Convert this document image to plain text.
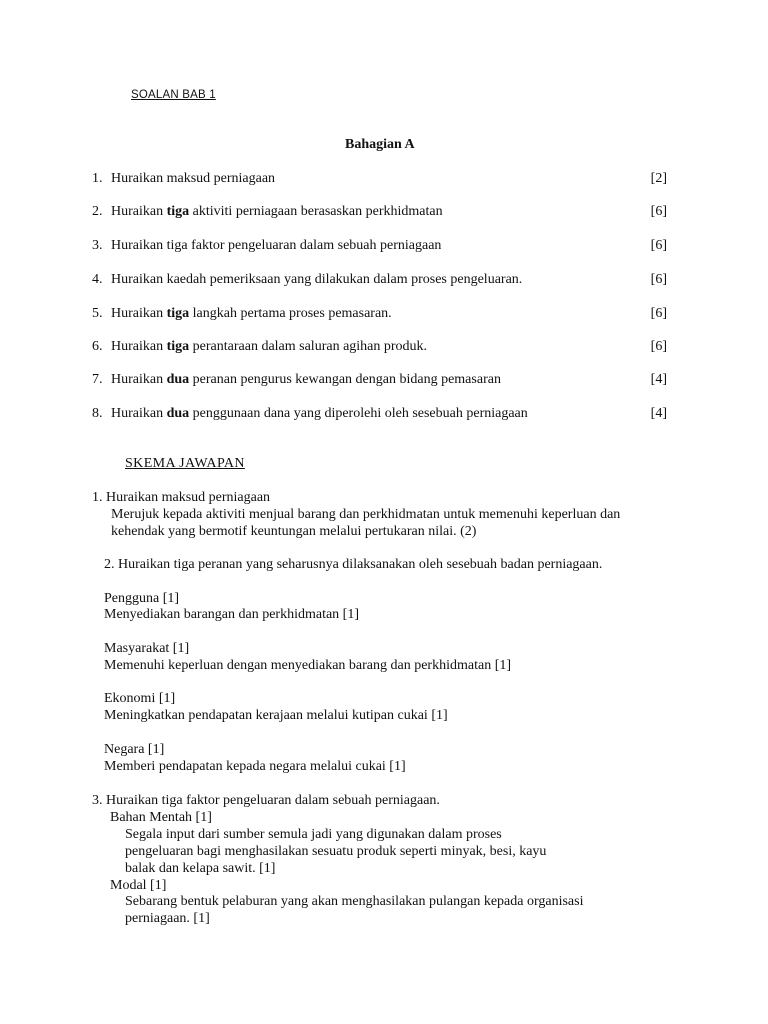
SOALAN BAB 1
Bahagian A
1. Huraikan maksud perniagaan	[2]
2. Huraikan tiga aktiviti perniagaan berasaskan perkhidmatan	[6]
3. Huraikan tiga faktor pengeluaran dalam sebuah perniagaan	[6]
4. Huraikan kaedah pemeriksaan yang dilakukan dalam proses pengeluaran.	[6]
5. Huraikan tiga langkah pertama proses pemasaran.	[6]
6. Huraikan tiga perantaraan dalam saluran agihan produk.	[6]
7. Huraikan dua peranan pengurus kewangan dengan bidang pemasaran	[4]
8. Huraikan dua penggunaan dana yang diperolehi oleh sesebuah perniagaan	[4]
SKEMA JAWAPAN
1. Huraikan maksud perniagaan
Merujuk kepada aktiviti menjual barang dan perkhidmatan untuk memenuhi keperluan dan
kehendak yang bermotif keuntungan melalui pertukaran nilai. (2)
2. Huraikan tiga peranan yang seharusnya dilaksanakan oleh sesebuah badan perniagaan.
Pengguna [1]
Menyediakan barangan dan perkhidmatan [1]
Masyarakat [1]
Memenuhi keperluan dengan menyediakan barang dan perkhidmatan [1]
Ekonomi [1]
Meningkatkan pendapatan kerajaan melalui kutipan cukai [1]
Negara [1]
Memberi pendapatan kepada negara melalui cukai [1]
3. Huraikan tiga faktor pengeluaran dalam sebuah perniagaan.
Bahan Mentah [1]
Segala input dari sumber semula jadi yang digunakan dalam proses
pengeluaran bagi menghasilakan sesuatu produk seperti minyak, besi, kayu
balak dan kelapa sawit. [1]
Modal [1]
Sebarang bentuk pelaburan yang akan menghasilakan pulangan kepada organisasi
perniagaan. [1]
